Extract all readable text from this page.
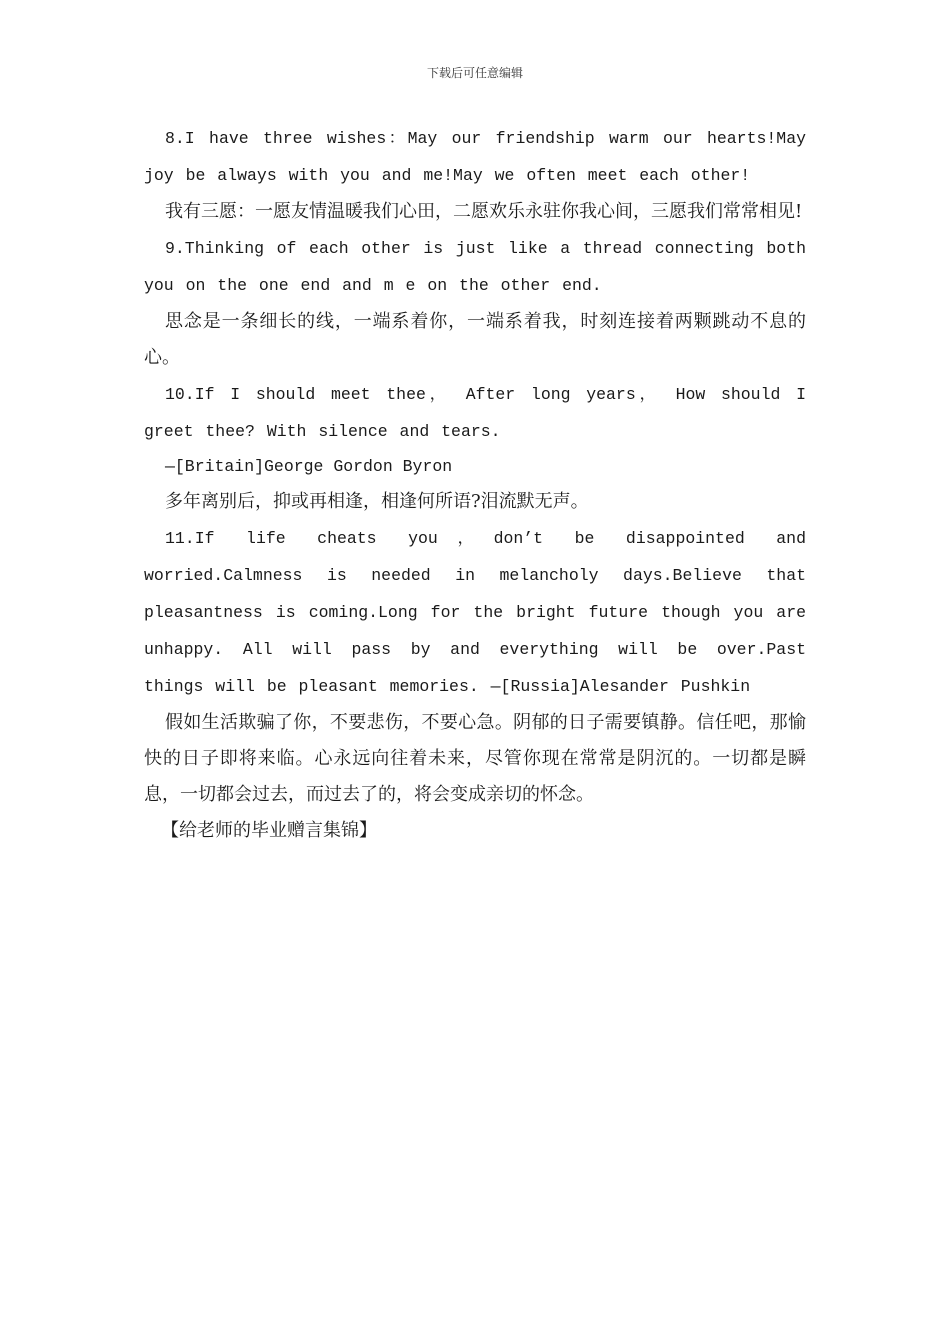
下载后可任意编辑

8.I have three wishes：May our friendship warm our hearts!May joy be always with you and me!May we often meet each other!

我有三愿：一愿友情温暖我们心田，二愿欢乐永驻你我心间，三愿我们常常相见!

9.Thinking of each other is just like a thread connecting both you on the one end and m e on the other end.

思念是一条细长的线，一端系着你，一端系着我，时刻连接着两颗跳动不息的心。

10.If I should meet thee， After long years， How should I greet thee? With silence and tears.

—[Britain]George Gordon Byron

多年离别后，抑或再相逢，相逢何所语?泪流默无声。

11.If life cheats you，don’t be disappointed and worried.Calmness is needed in melancholy days.Believe that pleasantness is coming.Long for the bright future though you are unhappy. All will pass by and everything will be over.Past things will be pleasant memories. —[Russia]Alesander Pushkin

假如生活欺骗了你，不要悲伤，不要心急。阴郁的日子需要镇静。信任吧，那愉快的日子即将来临。心永远向往着未来，尽管你现在常常是阴沉的。一切都是瞬息，一切都会过去，而过去了的，将会变成亲切的怀念。

【给老师的毕业赠言集锦】
